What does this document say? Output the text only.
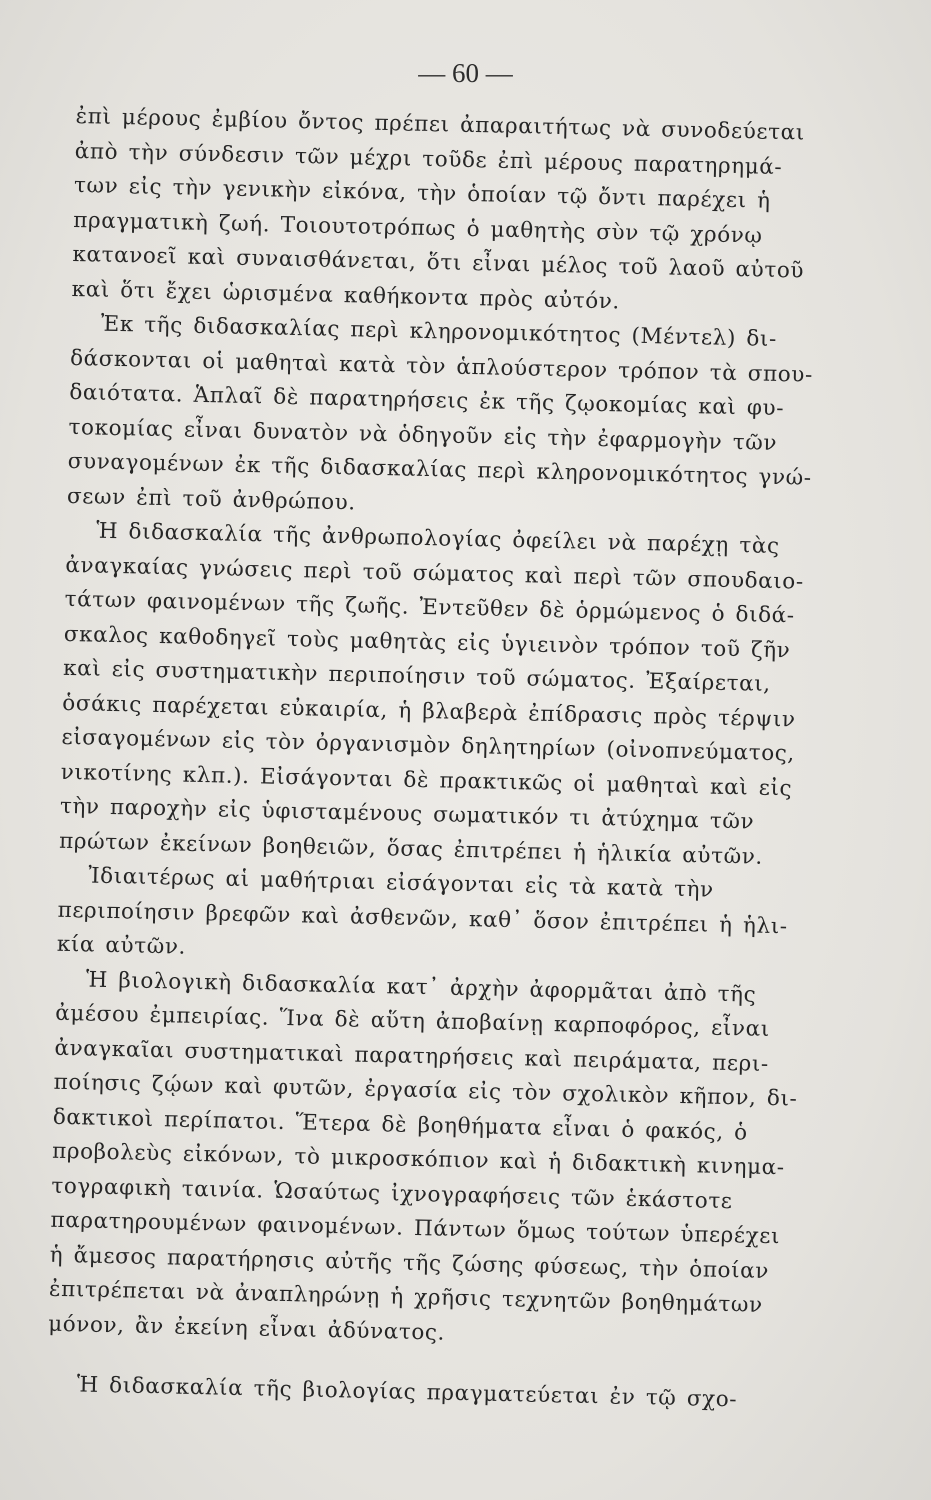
— 60 —
ἐπὶ μέρους ἐμβίου ὄντος πρέπει ἀπαραιτήτως νὰ συνοδεύεται
ἀπὸ τὴν σύνδεσιν τῶν μέχρι τοῦδε ἐπὶ μέρους παρατηρημά-
των εἰς τὴν γενικὴν εἰκόνα, τὴν ὁποίαν τῷ ὄντι παρέχει ἡ
πραγματικὴ ζωή. Τοιουτοτρόπως ὁ μαθητὴς σὺν τῷ χρόνῳ
κατανοεῖ καὶ συναισθάνεται, ὅτι εἶναι μέλος τοῦ λαοῦ αὐτοῦ
καὶ ὅτι ἔχει ὡρισμένα καθήκοντα πρὸς αὐτόν.
Ἐκ τῆς διδασκαλίας περὶ κληρονομικότητος (Μέντελ) δι-
δάσκονται οἱ μαθηταὶ κατὰ τὸν ἁπλούστερον τρόπον τὰ σπου-
δαιότατα. Ἁπλαῖ δὲ παρατηρήσεις ἐκ τῆς ζῳοκομίας καὶ φυ-
τοκομίας εἶναι δυνατὸν νὰ ὁδηγοῦν εἰς τὴν ἐφαρμογὴν τῶν
συναγομένων ἐκ τῆς διδασκαλίας περὶ κληρονομικότητος γνώ-
σεων ἐπὶ τοῦ ἀνθρώπου.
Ἡ διδασκαλία τῆς ἀνθρωπολογίας ὀφείλει νὰ παρέχῃ τὰς
ἀναγκαίας γνώσεις περὶ τοῦ σώματος καὶ περὶ τῶν σπουδαιο-
τάτων φαινομένων τῆς ζωῆς. Ἐντεῦθεν δὲ ὁρμώμενος ὁ διδά-
σκαλος καθοδηγεῖ τοὺς μαθητὰς εἰς ὑγιεινὸν τρόπον τοῦ ζῆν
καὶ εἰς συστηματικὴν περιποίησιν τοῦ σώματος. Ἐξαίρεται,
ὁσάκις παρέχεται εὐκαιρία, ἡ βλαβερὰ ἐπίδρασις πρὸς τέρψιν
εἰσαγομένων εἰς τὸν ὀργανισμὸν δηλητηρίων (οἰνοπνεύματος,
νικοτίνης κλπ.). Εἰσάγονται δὲ πρακτικῶς οἱ μαθηταὶ καὶ εἰς
τὴν παροχὴν εἰς ὑφισταμένους σωματικόν τι ἀτύχημα τῶν
πρώτων ἐκείνων βοηθειῶν, ὅσας ἐπιτρέπει ἡ ἡλικία αὐτῶν.
Ἰδιαιτέρως αἱ μαθήτριαι εἰσάγονται εἰς τὰ κατὰ τὴν
περιποίησιν βρεφῶν καὶ ἀσθενῶν, καθ᾿ ὅσον ἐπιτρέπει ἡ ἡλι-
κία αὐτῶν.
Ἡ βιολογικὴ διδασκαλία κατ᾿ ἀρχὴν ἀφορμᾶται ἀπὸ τῆς
ἀμέσου ἐμπειρίας. Ἵνα δὲ αὕτη ἀποβαίνῃ καρποφόρος, εἶναι
ἀναγκαῖαι συστηματικαὶ παρατηρήσεις καὶ πειράματα, περι-
ποίησις ζῴων καὶ φυτῶν, ἐργασία εἰς τὸν σχολικὸν κῆπον, δι-
δακτικοὶ περίπατοι. Ἕτερα δὲ βοηθήματα εἶναι ὁ φακός, ὁ
προβολεὺς εἰκόνων, τὸ μικροσκόπιον καὶ ἡ διδακτικὴ κινημα-
τογραφικὴ ταινία. Ὡσαύτως ἰχνογραφήσεις τῶν ἑκάστοτε
παρατηρουμένων φαινομένων. Πάντων ὅμως τούτων ὑπερέχει
ἡ ἄμεσος παρατήρησις αὐτῆς τῆς ζώσης φύσεως, τὴν ὁποίαν
ἐπιτρέπεται νὰ ἀναπληρώνῃ ἡ χρῆσις τεχνητῶν βοηθημάτων
μόνον, ἂν ἐκείνη εἶναι ἀδύνατος.
Ἡ διδασκαλία τῆς βιολογίας πραγματεύεται ἐν τῷ σχο-
